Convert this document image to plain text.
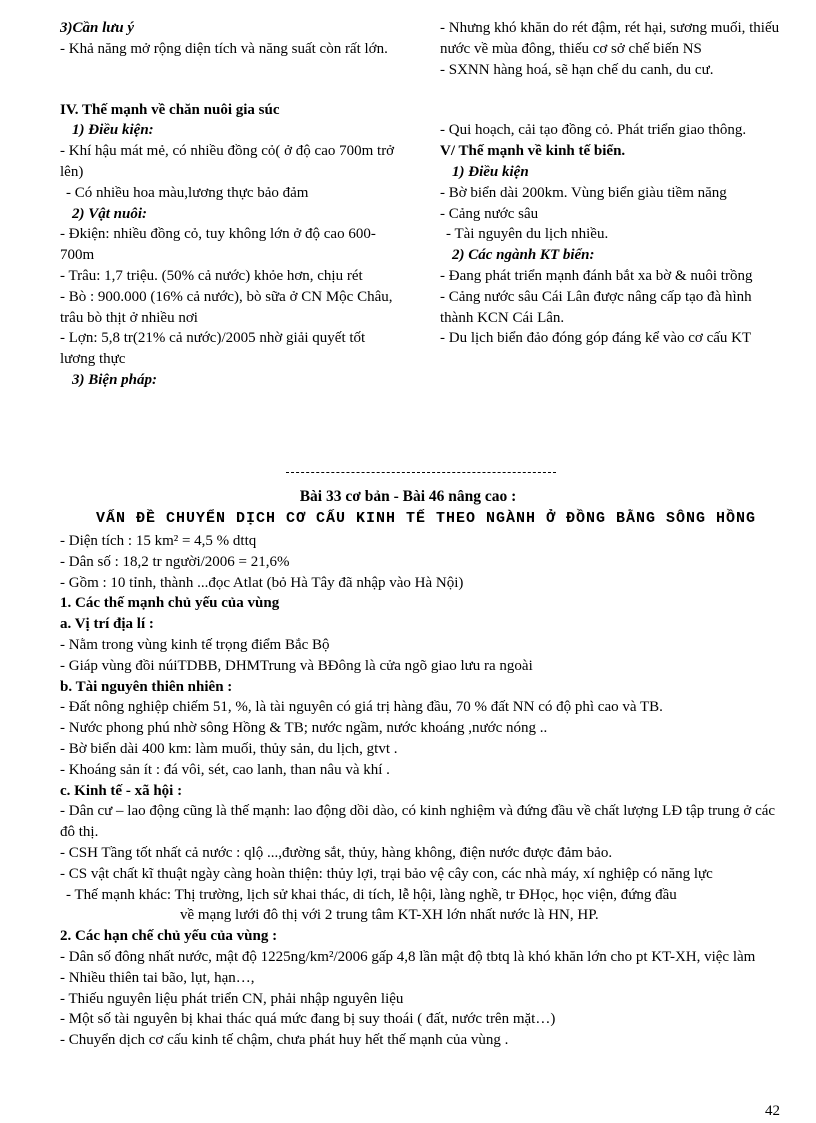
3)Cần lưu ý
- Khả năng mở rộng diện tích và năng suất còn rất lớn.
IV. Thế mạnh về chăn nuôi gia súc
1) Điều kiện:
- Khí hậu mát mẻ, có nhiều đồng cỏ( ở độ cao 700m trở lên)
- Có nhiều hoa màu,lương thực bảo đảm
2) Vật nuôi:
- Đkiện: nhiều đồng cỏ, tuy không lớn ở độ cao 600-700m
- Trâu: 1,7 triệu. (50% cả nước) khỏe hơn, chịu rét
- Bò : 900.000 (16% cả nước), bò sữa ở CN Mộc Châu, trâu bò thịt ở nhiều nơi
- Lợn: 5,8 tr(21% cả nước)/2005 nhờ giải quyết tốt lương thực
3) Biện pháp:
- Nhưng khó khăn do rét đậm, rét hại, sương muối, thiếu nước về mùa đông, thiếu cơ sở chế biến NS
- SXNN hàng hoá, sẽ hạn chế du canh, du cư.
- Qui hoạch, cải tạo đồng cỏ. Phát triển giao thông.
V/ Thế mạnh về kinh tế biển.
1) Điều kiện
- Bờ biển dài 200km. Vùng biển giàu tiềm năng
- Cảng nước sâu
- Tài nguyên du lịch nhiều.
2) Các ngành KT biển:
- Đang phát triển mạnh đánh bắt xa bờ & nuôi trồng
- Cảng nước sâu Cái Lân được nâng cấp tạo đà hình thành KCN Cái Lân.
- Du lịch biển đảo đóng góp đáng kể vào cơ cấu KT
Bài 33 cơ bản - Bài 46 nâng cao :
VẤN ĐỀ CHUYỂN DỊCH CƠ CẤU KINH TẾ THEO NGÀNH Ở ĐỒNG BẰNG SÔNG HỒNG
- Diện tích : 15 km² = 4,5 % dttq
- Dân số : 18,2 tr người/2006 = 21,6%
- Gồm : 10 tỉnh, thành ...đọc Atlat (bỏ Hà Tây đã nhập vào Hà Nội)
1. Các thế mạnh chủ yếu của vùng
a. Vị trí địa lí :
- Nằm trong vùng kinh tế trọng điểm Bắc Bộ
- Giáp vùng đồi núiTDBB, DHMTrung và BĐông là cửa ngõ giao lưu ra ngoài
b. Tài nguyên thiên nhiên :
- Đất nông nghiệp chiếm 51, %, là tài nguyên có giá trị hàng đầu, 70 % đất NN có độ phì cao và TB.
- Nước phong phú nhờ sông Hồng & TB; nước ngầm, nước khoáng ,nước nóng ..
- Bờ biển dài 400 km: làm muối, thủy sản, du lịch, gtvt .
- Khoáng sản ít : đá vôi, sét, cao lanh, than nâu và khí .
c. Kinh tế - xã hội :
- Dân cư – lao động cũng là thế mạnh: lao động dồi dào, có kinh nghiệm và đứng đầu về chất lượng LĐ tập trung ở các đô thị.
- CSH Tầng tốt nhất cả nước : qlộ ...,đường sắt, thủy, hàng không, điện nước được đảm bảo.
- CS vật chất kĩ thuật ngày càng hoàn thiện: thủy lợi, trại bảo vệ cây con, các nhà máy, xí nghiệp có năng lực
- Thế mạnh khác: Thị trường, lịch sử khai thác, di tích, lễ hội, làng nghề, tr ĐHọc, học viện, đứng đầu
về mạng lưới đô thị với 2 trung tâm KT-XH lớn nhất nước là HN, HP.
2. Các hạn chế chủ yếu của vùng :
- Dân số đông nhất nước, mật độ 1225ng/km²/2006 gấp 4,8 lần mật độ tbtq là khó khăn lớn cho pt KT-XH, việc làm
- Nhiều thiên tai bão, lụt, hạn…,
- Thiếu nguyên liệu phát triển CN, phải nhập nguyên liệu
- Một số tài nguyên bị khai thác quá mức đang bị suy thoái ( đất, nước trên mặt…)
- Chuyển dịch cơ cấu kinh tế chậm, chưa phát huy hết thế mạnh của vùng .
42
